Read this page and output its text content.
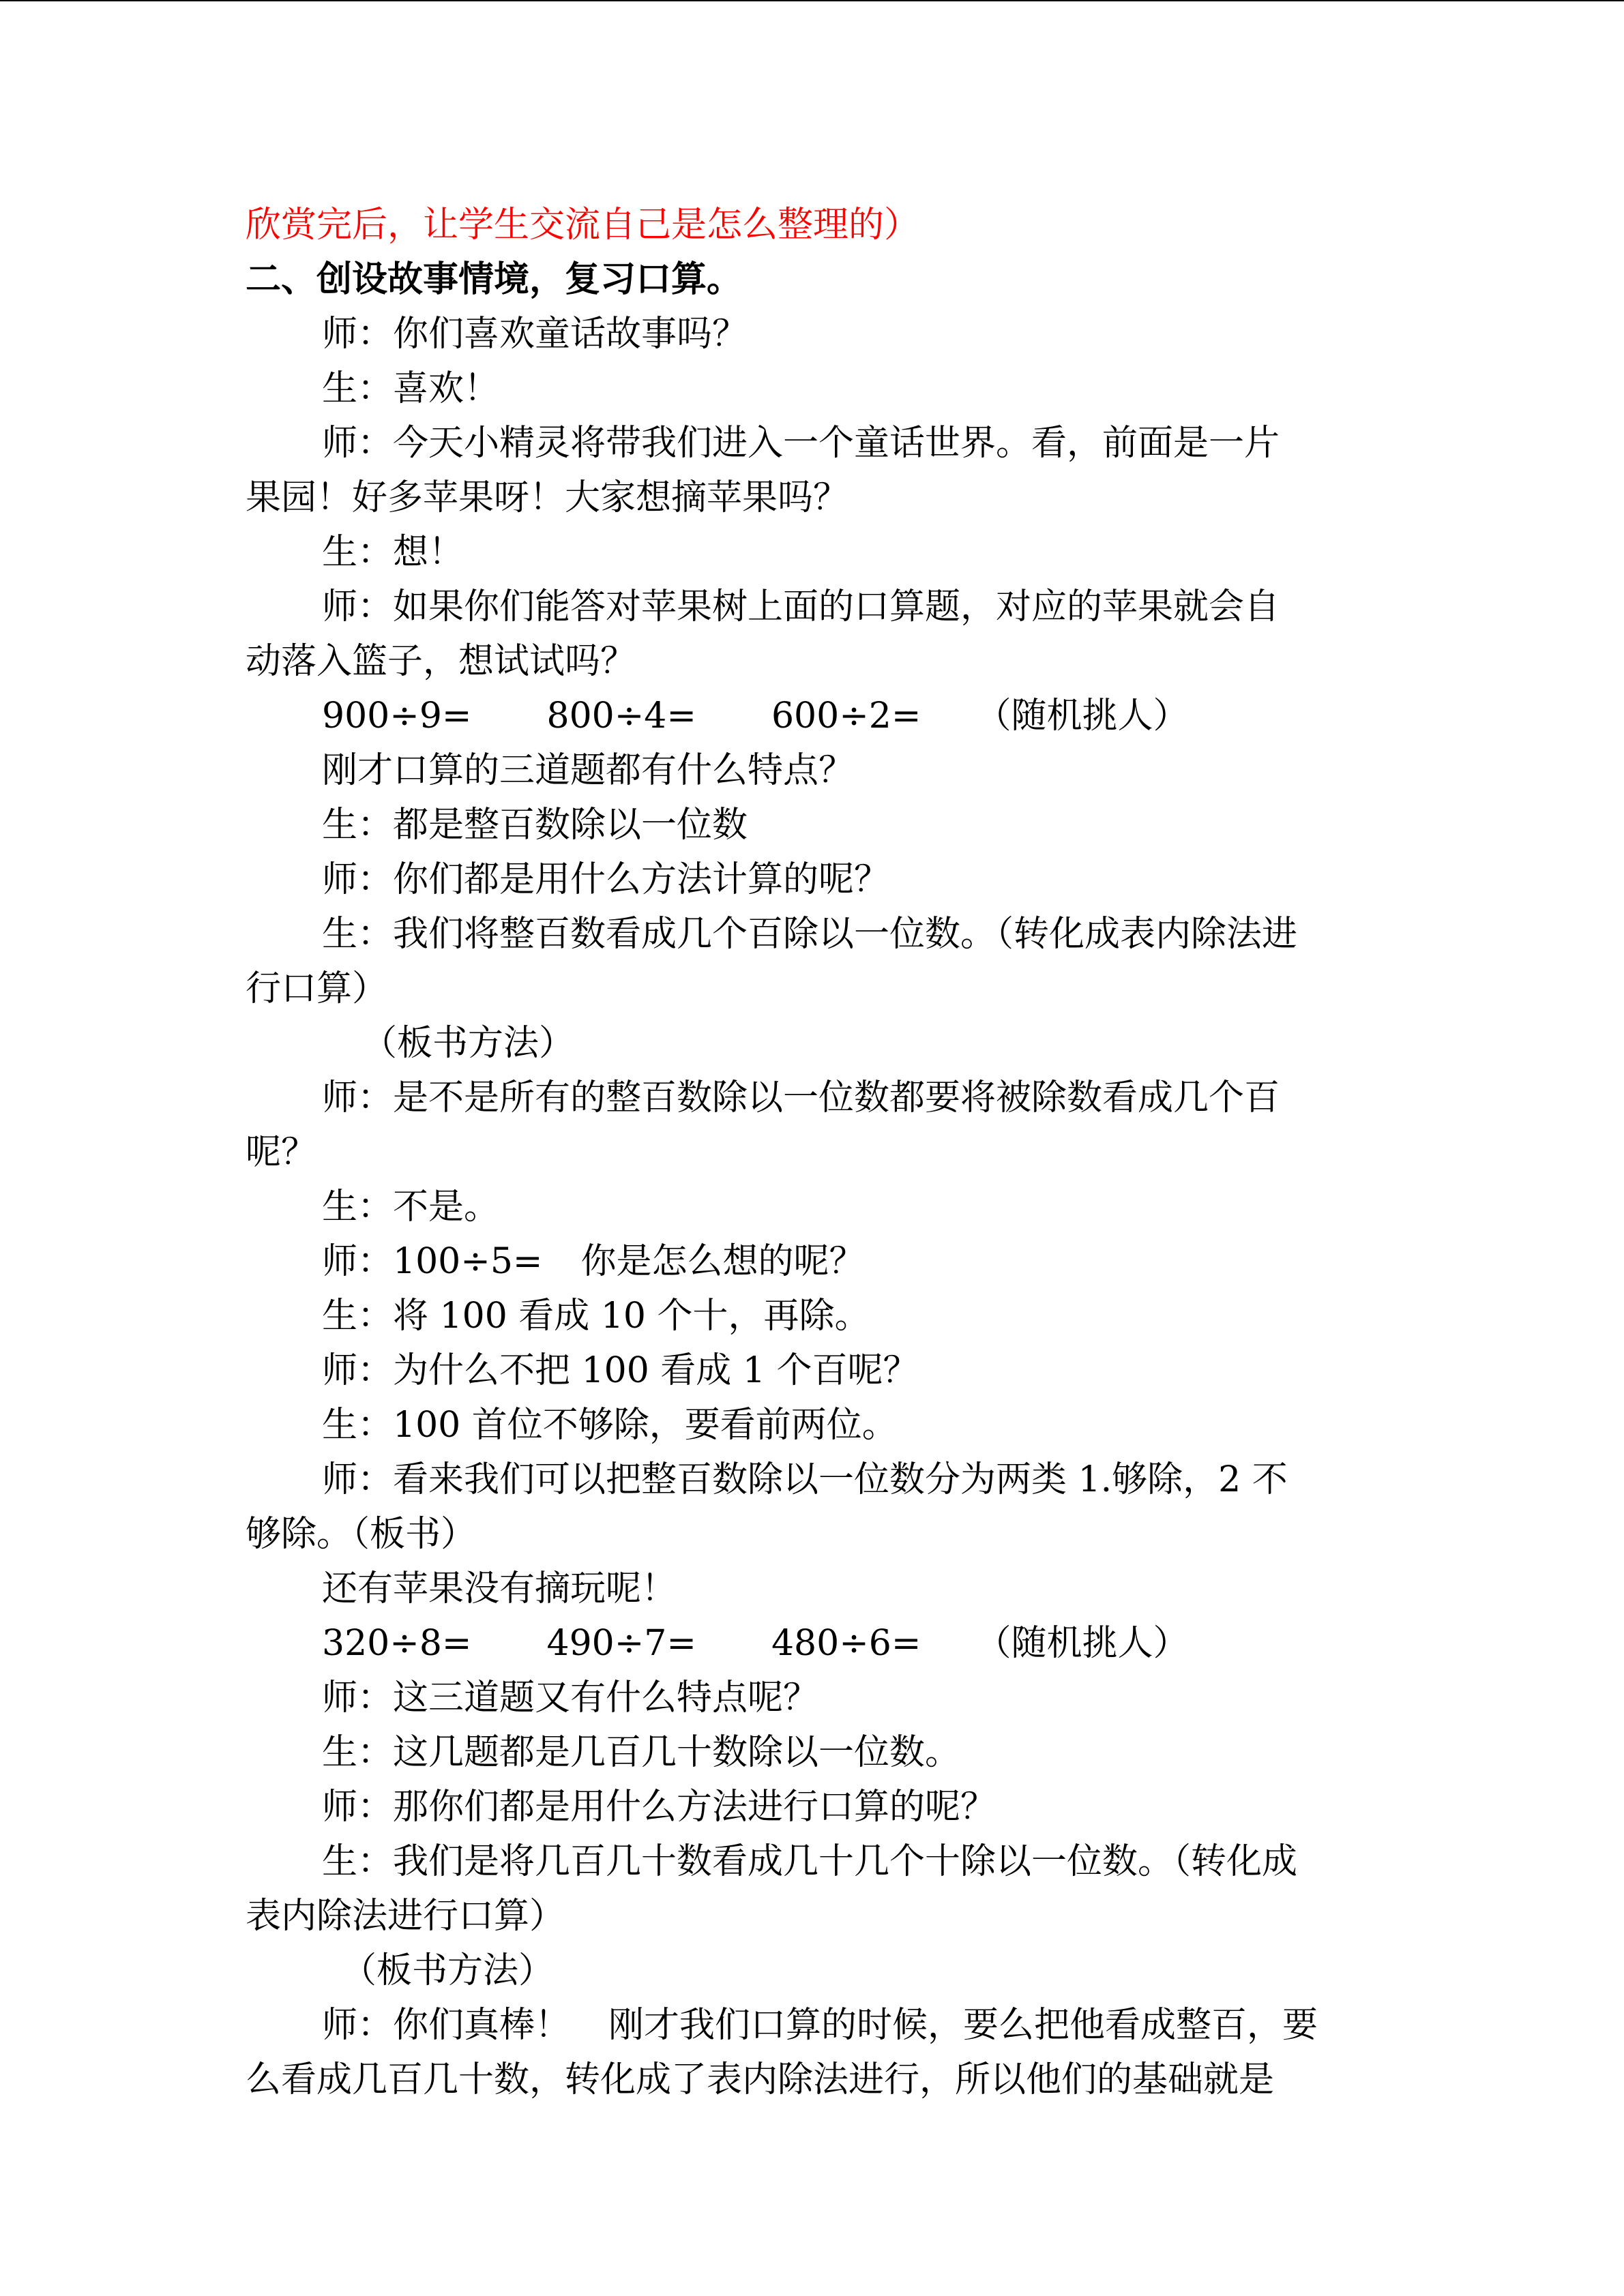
欣赏完后，让学生交流自己是怎么整理的）
二、创设故事情境，复习口算。
师：你们喜欢童话故事吗？
生：喜欢！
师：今天小精灵将带我们进入一个童话世界。看，前面是一片
果园！好多苹果呀！大家想摘苹果吗？
生：想！
师：如果你们能答对苹果树上面的口算题，对应的苹果就会自
动落入篮子，想试试吗？
900÷9= 800÷4= 600÷2= （随机挑人）
刚才口算的三道题都有什么特点？
生：都是整百数除以一位数
师：你们都是用什么方法计算的呢？
生：我们将整百数看成几个百除以一位数。（转化成表内除法进
行口算）
（板书方法）
师：是不是所有的整百数除以一位数都要将被除数看成几个百
呢？
生：不是。
师：100÷5= 你是怎么想的呢？
生：将 100 看成 10 个十，再除。
师：为什么不把 100 看成 1 个百呢？
生：100 首位不够除，要看前两位。
师：看来我们可以把整百数除以一位数分为两类 1.够除，2 不
够除。（板书）
还有苹果没有摘玩呢！
320÷8= 490÷7= 480÷6= （随机挑人）
师：这三道题又有什么特点呢？
生：这几题都是几百几十数除以一位数。
师：那你们都是用什么方法进行口算的呢？
生：我们是将几百几十数看成几十几个十除以一位数。（转化成
表内除法进行口算）
（板书方法）
师：你们真棒！ 刚才我们口算的时候，要么把他看成整百，要
么看成几百几十数，转化成了表内除法进行，所以他们的基础就是
